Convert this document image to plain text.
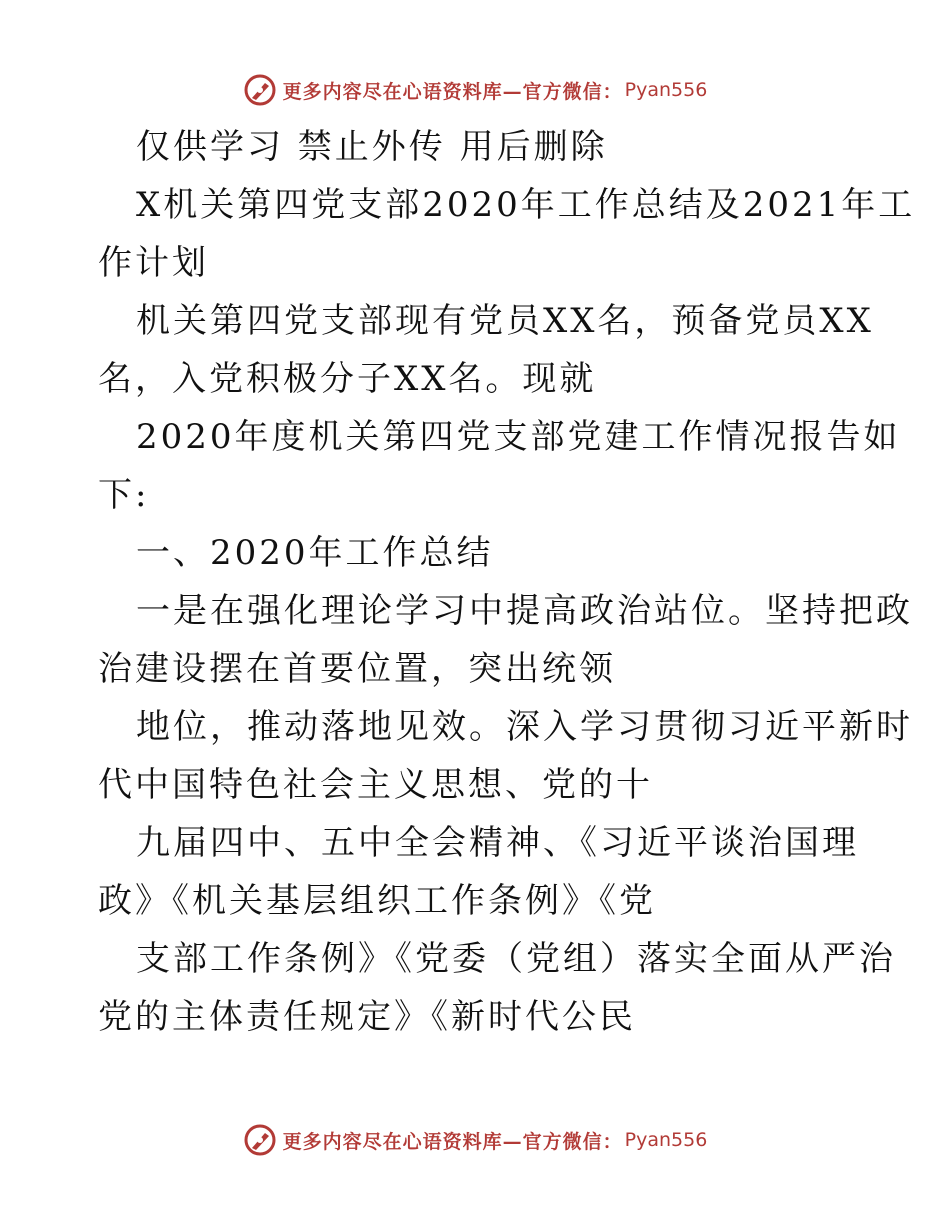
更多内容尽在心语资料库—官方微信： Pyan556
仅供学习 禁止外传 用后删除
X机关第四党支部2020年工作总结及2021年工
作计划
机关第四党支部现有党员XX名，预备党员XX
名，入党积极分子XX名。现就
2020年度机关第四党支部党建工作情况报告如
下:
一、2020年工作总结
一是在强化理论学习中提高政治站位。坚持把政
治建设摆在首要位置，突出统领
地位，推动落地见效。深入学习贯彻习近平新时
代中国特色社会主义思想、党的十
九届四中、五中全会精神、《习近平谈治国理
政》《机关基层组织工作条例》《党
支部工作条例》《党委（党组）落实全面从严治
党的主体责任规定》《新时代公民
更多内容尽在心语资料库—官方微信： Pyan556
